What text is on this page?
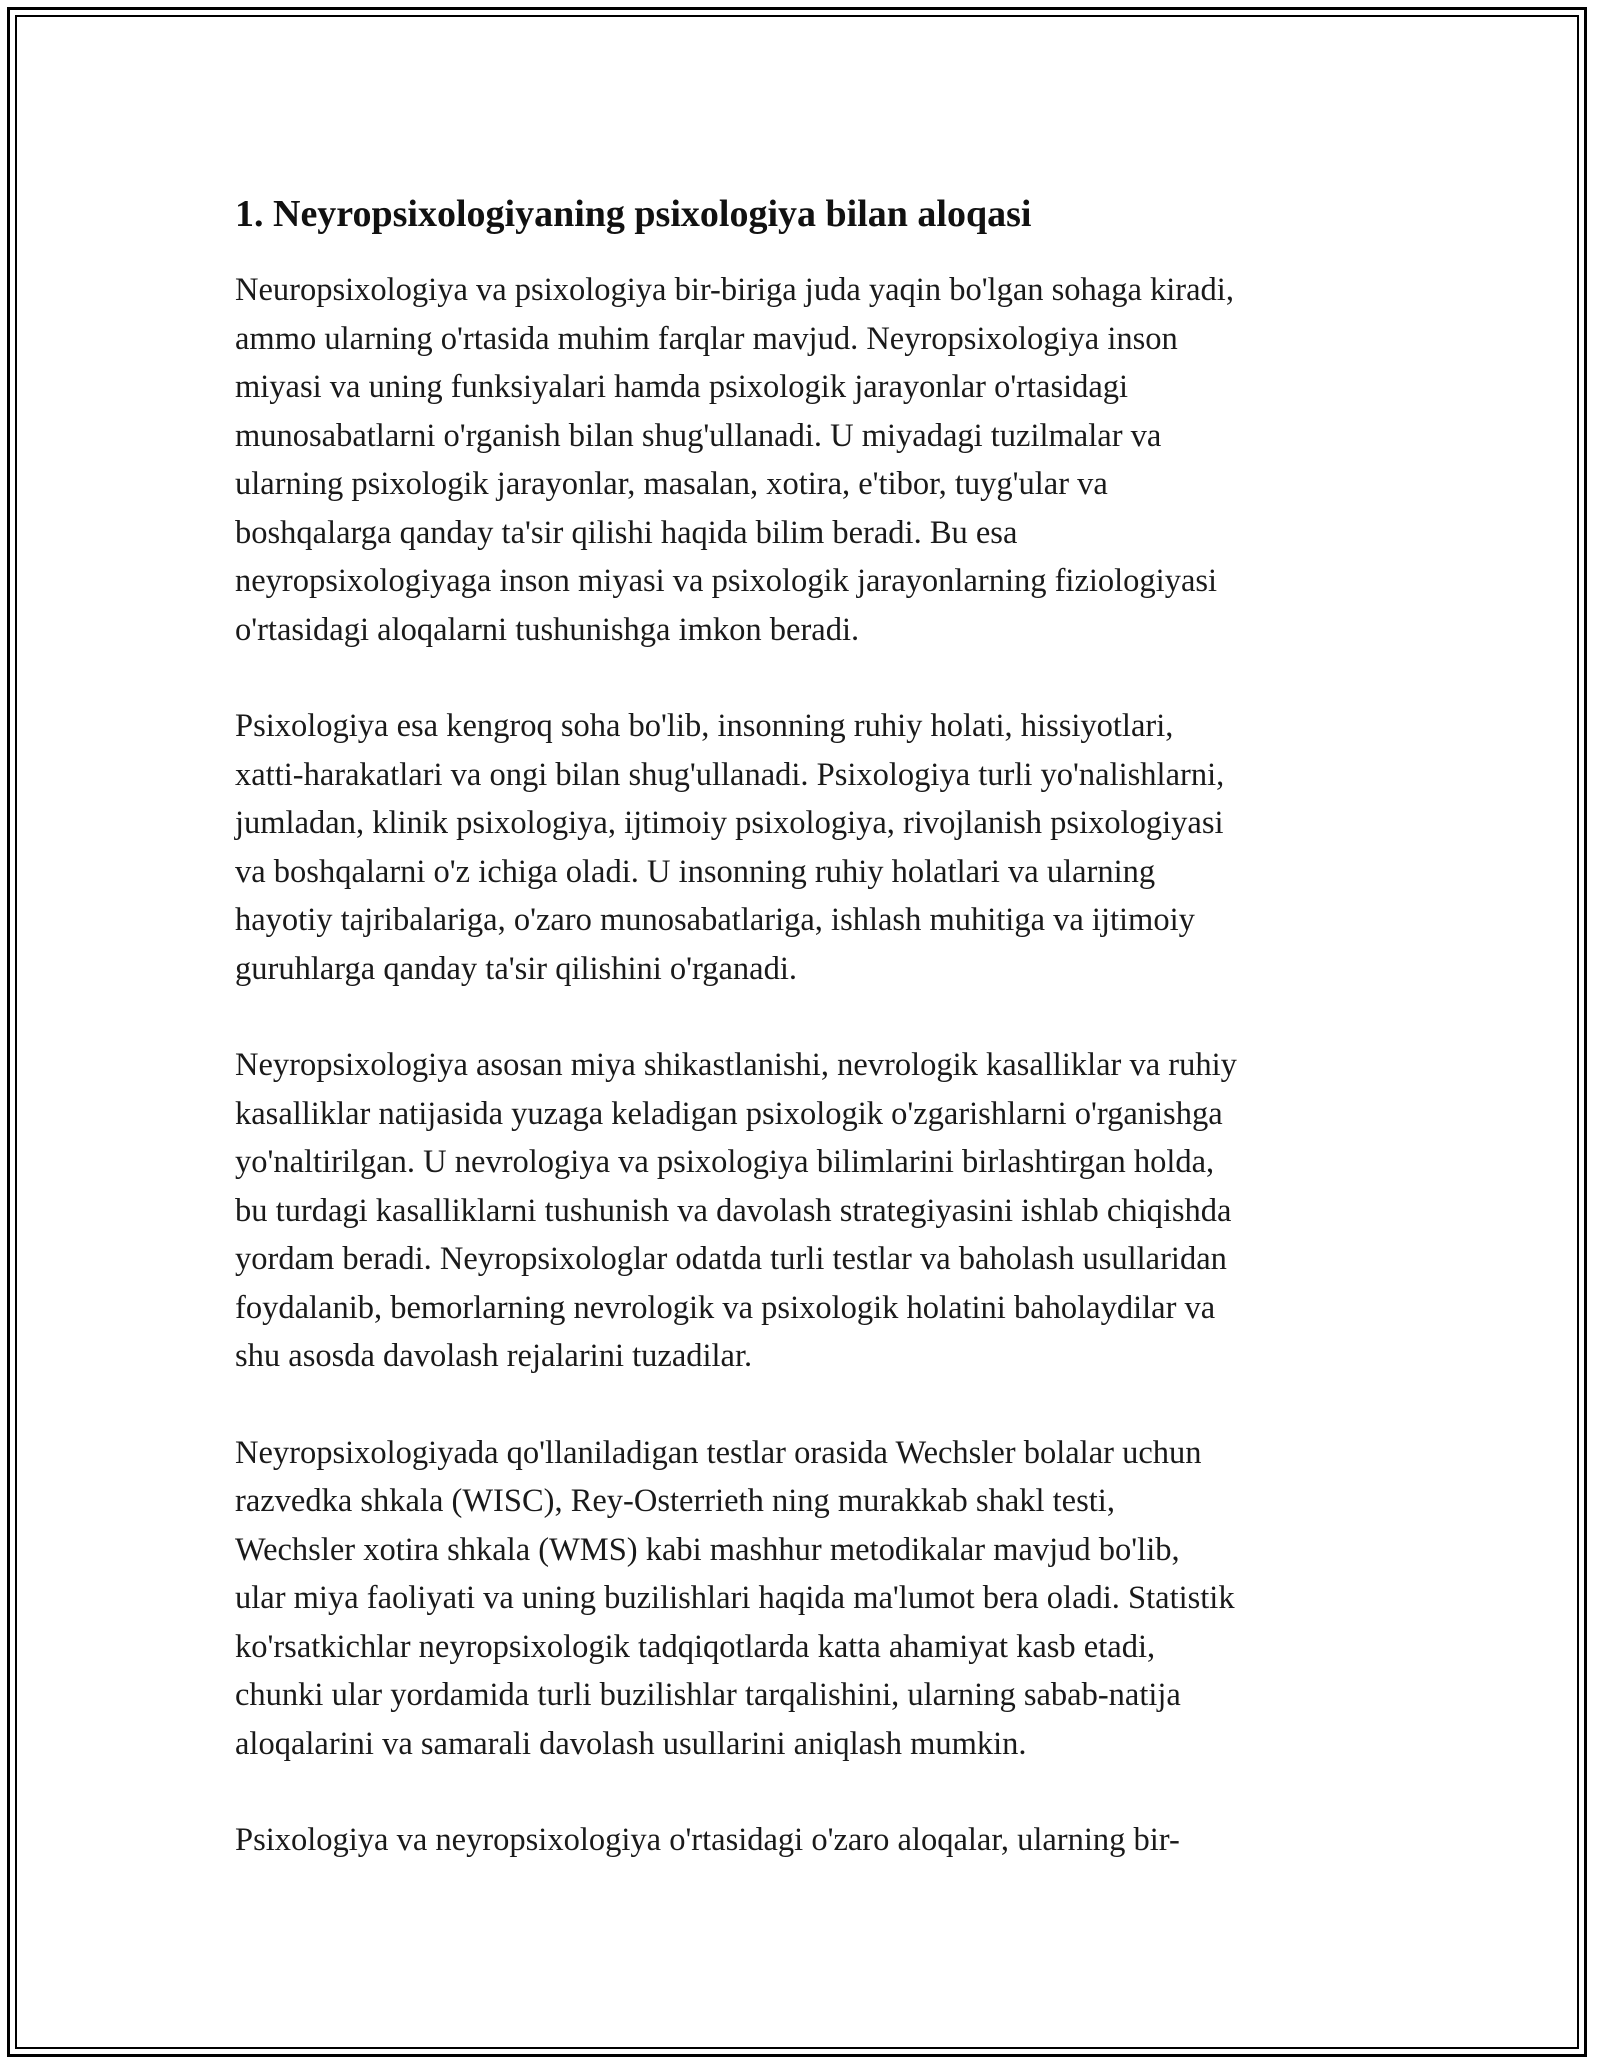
1. Neyropsixologiyaning psixologiya bilan aloqasi

Neuropsixologiya va psixologiya bir-biriga juda yaqin bo'lgan sohaga kiradi,
ammo ularning o'rtasida muhim farqlar mavjud. Neyropsixologiya inson
miyasi va uning funksiyalari hamda psixologik jarayonlar o'rtasidagi
munosabatlarni o'rganish bilan shug'ullanadi. U miyadagi tuzilmalar va
ularning psixologik jarayonlar, masalan, xotira, e'tibor, tuyg'ular va
boshqalarga qanday ta'sir qilishi haqida bilim beradi. Bu esa
neyropsixologiyaga inson miyasi va psixologik jarayonlarning fiziologiyasi
o'rtasidagi aloqalarni tushunishga imkon beradi.

Psixologiya esa kengroq soha bo'lib, insonning ruhiy holati, hissiyotlari,
xatti-harakatlari va ongi bilan shug'ullanadi. Psixologiya turli yo'nalishlarni,
jumladan, klinik psixologiya, ijtimoiy psixologiya, rivojlanish psixologiyasi
va boshqalarni o'z ichiga oladi. U insonning ruhiy holatlari va ularning
hayotiy tajribalariga, o'zaro munosabatlariga, ishlash muhitiga va ijtimoiy
guruhlarga qanday ta'sir qilishini o'rganadi.

Neyropsixologiya asosan miya shikastlanishi, nevrologik kasalliklar va ruhiy
kasalliklar natijasida yuzaga keladigan psixologik o'zgarishlarni o'rganishga
yo'naltirilgan. U nevrologiya va psixologiya bilimlarini birlashtirgan holda,
bu turdagi kasalliklarni tushunish va davolash strategiyasini ishlab chiqishda
yordam beradi. Neyropsixologlar odatda turli testlar va baholash usullaridan
foydalanib, bemorlarning nevrologik va psixologik holatini baholaydilar va
shu asosda davolash rejalarini tuzadilar.

Neyropsixologiyada qo'llaniladigan testlar orasida Wechsler bolalar uchun
razvedka shkala (WISC), Rey-Osterrieth ning murakkab shakl testi,
Wechsler xotira shkala (WMS) kabi mashhur metodikalar mavjud bo'lib,
ular miya faoliyati va uning buzilishlari haqida ma'lumot bera oladi. Statistik
ko'rsatkichlar neyropsixologik tadqiqotlarda katta ahamiyat kasb etadi,
chunki ular yordamida turli buzilishlar tarqalishini, ularning sabab-natija
aloqalarini va samarali davolash usullarini aniqlash mumkin.

Psixologiya va neyropsixologiya o'rtasidagi o'zaro aloqalar, ularning bir-
